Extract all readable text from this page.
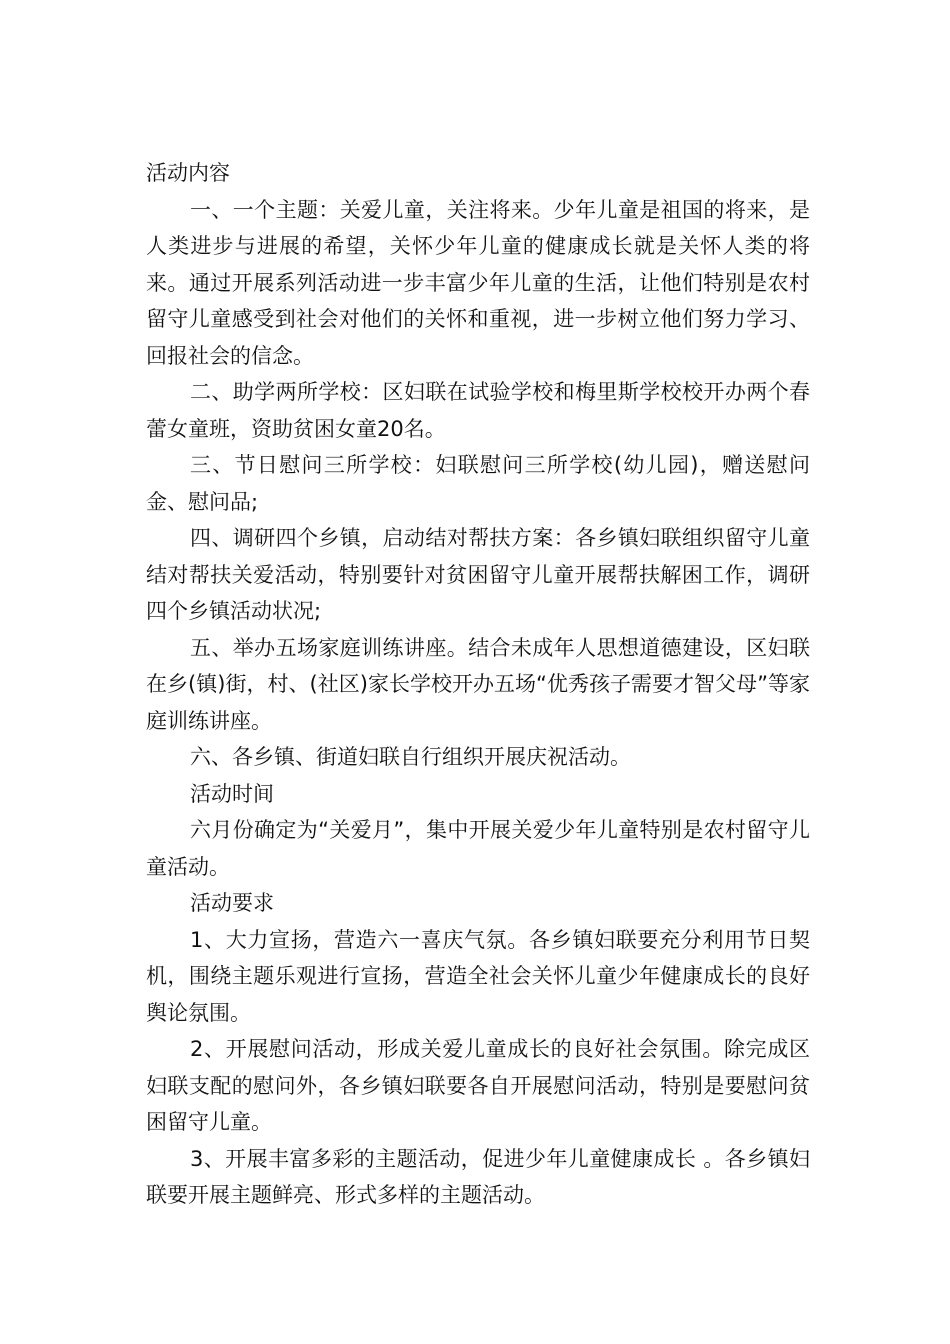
活动内容

一、一个主题：关爱儿童，关注将来。少年儿童是祖国的将来，是人类进步与进展的希望，关怀少年儿童的健康成长就是关怀人类的将来。通过开展系列活动进一步丰富少年儿童的生活，让他们特别是农村留守儿童感受到社会对他们的关怀和重视，进一步树立他们努力学习、回报社会的信念。

二、助学两所学校：区妇联在试验学校和梅里斯学校校开办两个春蕾女童班，资助贫困女童20名。

三、节日慰问三所学校：妇联慰问三所学校(幼儿园)，赠送慰问金、慰问品;

四、调研四个乡镇，启动结对帮扶方案：各乡镇妇联组织留守儿童结对帮扶关爱活动，特别要针对贫困留守儿童开展帮扶解困工作，调研四个乡镇活动状况;

五、举办五场家庭训练讲座。结合未成年人思想道德建设，区妇联在乡(镇)街，村、(社区)家长学校开办五场“优秀孩子需要才智父母”等家庭训练讲座。

六、各乡镇、街道妇联自行组织开展庆祝活动。

活动时间

六月份确定为“关爱月”，集中开展关爱少年儿童特别是农村留守儿童活动。

活动要求

1、大力宣扬，营造六一喜庆气氛。各乡镇妇联要充分利用节日契机，围绕主题乐观进行宣扬，营造全社会关怀儿童少年健康成长的良好舆论氛围。

2、开展慰问活动，形成关爱儿童成长的良好社会氛围。除完成区妇联支配的慰问外，各乡镇妇联要各自开展慰问活动，特别是要慰问贫困留守儿童。

3、开展丰富多彩的主题活动，促进少年儿童健康成长 。各乡镇妇联要开展主题鲜亮、形式多样的主题活动。
